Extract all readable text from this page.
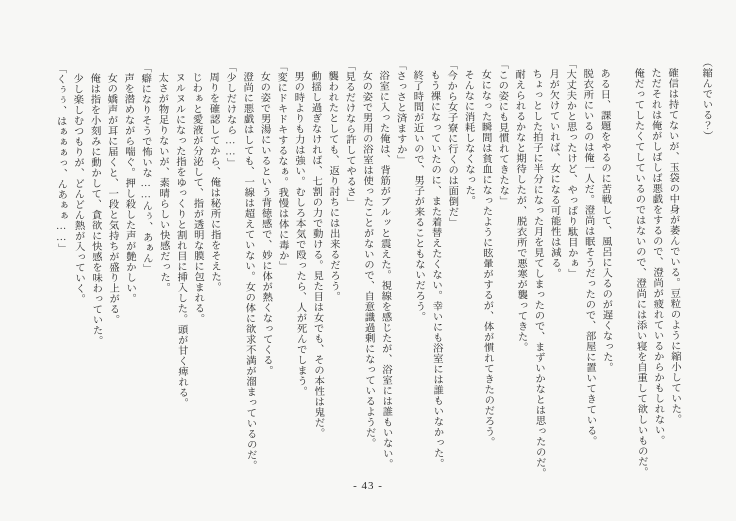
（縮んでいる？）

確信は持てないが、玉袋の中身が萎んでいる。豆粒のように縮小していた。

ただそれは俺がしばしば悪戯をするので、澄尚が疲れているからかもしれない。

俺だってしたくてしているのではないので、澄尚には添い寝を自重して欲しいものだ。

ある日、課題をやるのに苦戦して、風呂に入るのが遅くなった。

脱衣所にいるのは俺一人だ。澄尚は眠そうだったので、部屋に置いてきている。

「大丈夫かと思ったけど、やっぱり駄目かぁ」

月が欠けていれば、女になる可能性は減る。

ちょっとした拍子に半分になった月を見てしまったので、まずいかなとは思ったのだ。

耐えられるかなと期待したが、脱衣所で悪寒が襲ってきた。

「この姿にも見慣れてきたな」

女になった瞬間は貧血になったように眩暈がするが、体が慣れてきたのだろう。

そんなに消耗しなくなった。

「今から女子寮に行くのは面倒だ」

もう裸になっていたのに、また着替えたくない。幸いにも浴室には誰もいなかった。

終了時間が近いので、男子が来ることもないだろう。

「さっさと済ますか」

浴室に入った俺は、背筋がブルッと震えた。視線を感じたが、浴室には誰もいない。

女の姿で男用の浴室は使ったことがないので、自意識過剰になっているようだ。

「見るだけなら許してやるさ」

襲われたとしても、返り討ちには出来るだろう。

動揺し過ぎなければ、七割の力で動ける。見た目は女でも、その本性は鬼だ。

男の時よりも力は強い。むしろ本気で殴ったら、人が死んでしまう。

「変にドキドキするなぁ。我慢は体に毒か」

女の姿で男湯にいるという背徳感で、妙に体が熱くなってくる。

澄尚に悪戯はしても、一線は超えていない。女の体に欲求不満が溜まっているのだ。

「少しだけなら……」

周りを確認してから、俺は秘所に指をそえた。

じわぁと愛液が分泌して、指が透明な膜に包まれる。

ヌルヌルになった指をゆっくりと割れ目に挿入した。頭が甘く痺れる。

太さが物足りないが、素晴らしい快感だった。

「癖になりそうで怖いな……んぅ、あぁん」

声を潜めながら喘ぐ。押し殺した声が艶かしい。

女の嬌声が耳に届くと、一段と気持ちが盛り上がる。

俺は指を小刻みに動かして、貪欲に快感を味わっていた。

少し楽しむつもりが、どんどん熱が入っていく。

「くぅぅ、はぁぁぁっ、んあぁぁ……」

- 43 -
